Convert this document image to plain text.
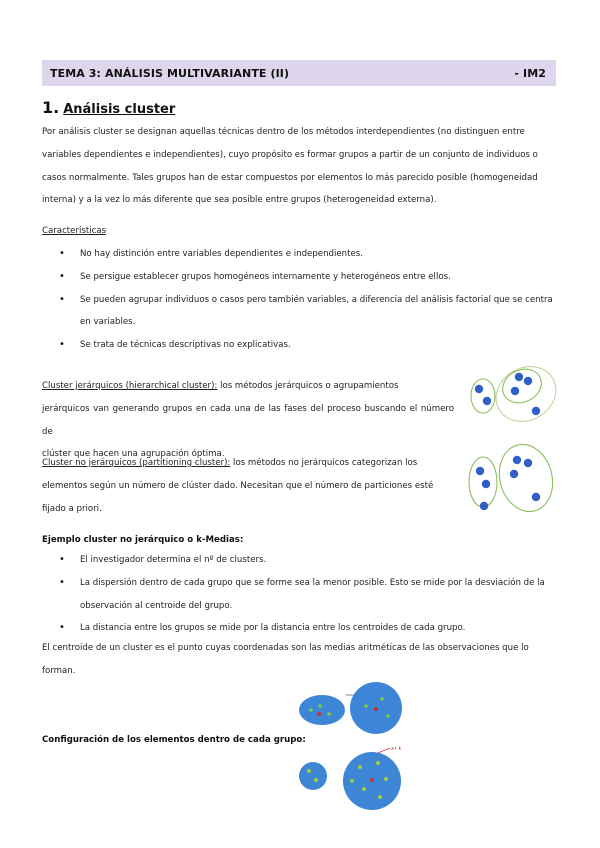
TEMA 3: ANÁLISIS MULTIVARIANTE (II)	- IM2
1. Análisis cluster
Por análisis cluster se designan aquellas técnicas dentro de los métodos interdependientes (no distinguen entre
variables dependientes e independientes), cuyo propósito es formar grupos a partir de un conjunto de individuos o
casos normalmente. Tales grupos han de estar compuestos por elementos lo más parecido posible (homogeneidad
interna) y a la vez lo más diferente que sea posible entre grupos (heterogeneidad externa).
Características
• No hay distinción entre variables dependientes e independientes.
• Se persigue establecer grupos homogéneos internamente y heterogéneos entre ellos.
• Se pueden agrupar individuos o casos pero también variables, a diferencia del análisis factorial que se centra
en variables.
• Se trata de técnicas descriptivas no explicativas.
Cluster jerárquicos (hierarchical cluster): los métodos jerárquicos o agrupamientos
jerárquicos van generando grupos en cada una de las fases del proceso buscando el número de
clúster que hacen una agrupación óptima.
Cluster no jerárquicos (partitioning cluster): los métodos no jerárquicos categorizan los
elementos según un número de clúster dado. Necesitan que el número de particiones esté
fijado a priori.
Ejemplo cluster no jerárquico o k-Medias:
• El investigador determina el nº de clusters.
• La dispersión dentro de cada grupo que se forme sea la menor posible. Esto se mide por la desviación de la
observación al centroide del grupo.
• La distancia entre los grupos se mide por la distancia entre los centroides de cada grupo.
El centroide de un cluster es el punto cuyas coordenadas son las medias aritméticas de las observaciones que lo
forman.
Configuración de los elementos dentro de cada grupo:
x• k
